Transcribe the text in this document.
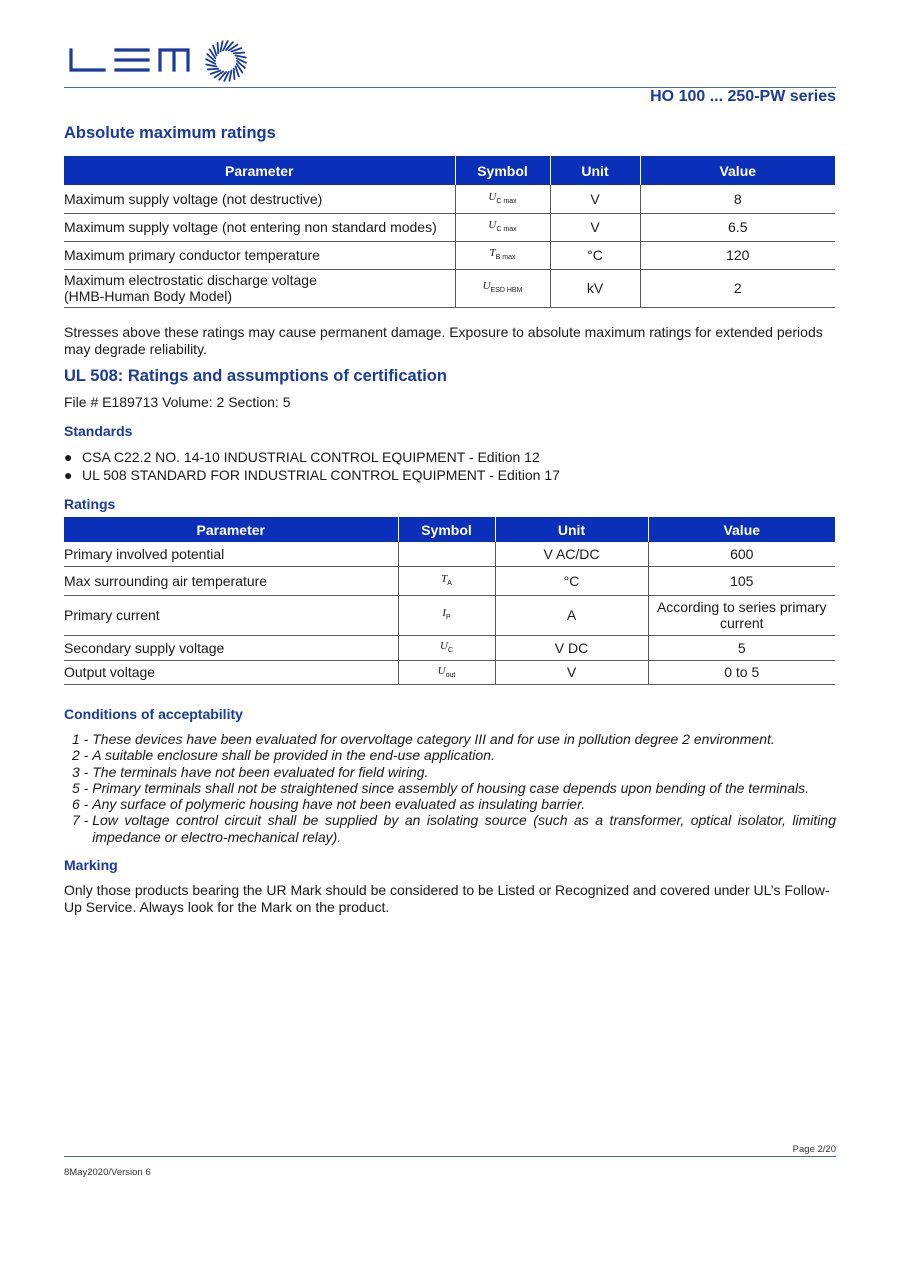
HO 100 ... 250-PW series
Absolute maximum ratings
Parameter	Symbol	Unit	Value
Maximum supply voltage (not destructive)	$U_{C max}$	V	8
Maximum supply voltage (not entering non standard modes)	$U_{C max}$	V	6.5
Maximum primary conductor temperature	$T_{B max}$	°C	120
Maximum electrostatic discharge voltage
(HMB-Human Body Model)	$U_{ESD HBM}$	kV	2
Stresses above these ratings may cause permanent damage. Exposure to absolute maximum ratings for extended periods may degrade reliability.
UL 508: Ratings and assumptions of certification
File # E189713 Volume: 2 Section: 5
Standards
● CSA C22.2 NO. 14-10 INDUSTRIAL CONTROL EQUIPMENT - Edition 12
● UL 508 STANDARD FOR INDUSTRIAL CONTROL EQUIPMENT - Edition 17
Ratings
Parameter	Symbol	Unit	Value
Primary involved potential		V AC/DC	600
Max surrounding air temperature	$T_A$	°C	105
Primary current	$I_P$	A	According to series primary
current
Secondary supply voltage	$U_C$	V DC	5
Output voltage	$U_{out}$	V	0 to 5
Conditions of acceptability
1 - These devices have been evaluated for overvoltage category III and for use in pollution degree 2 environment.
2 - A suitable enclosure shall be provided in the end-use application.
3 - The terminals have not been evaluated for field wiring.
5 - Primary terminals shall not be straightened since assembly of housing case depends upon bending of the terminals.
6 - Any surface of polymeric housing have not been evaluated as insulating barrier.
7 - Low voltage control circuit shall be supplied by an isolating source (such as a transformer, optical isolator, limiting impedance or electro-mechanical relay).
Marking
Only those products bearing the UR Mark should be considered to be Listed or Recognized and covered under UL’s Follow-Up Service. Always look for the Mark on the product.
Page 2/20
8May2020/Version 6
